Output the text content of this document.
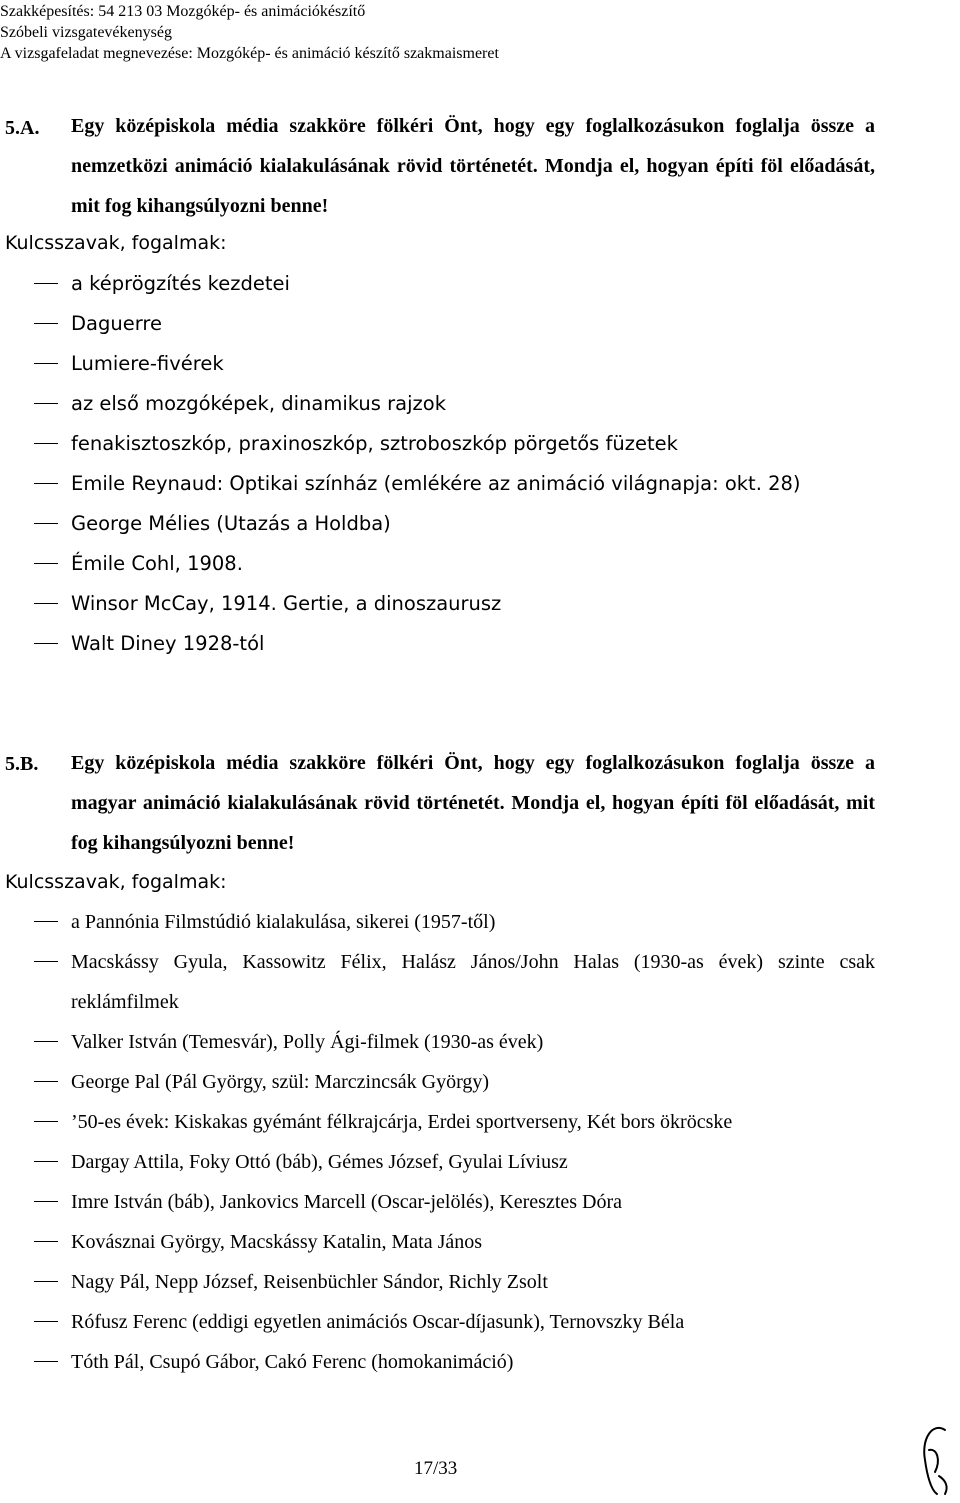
Szakképesítés: 54 213 03 Mozgókép- és animációkészítő
Szóbeli vizsgatevékenység
A vizsgafeladat megnevezése: Mozgókép- és animáció készítő szakmaismeret
5.A. Egy középiskola média szakköre fölkéri Önt, hogy egy foglalkozásukon foglalja össze a nemzetközi animáció kialakulásának rövid történetét. Mondja el, hogyan építi föl előadását, mit fog kihangsúlyozni benne!
Kulcsszavak, fogalmak:
a képrögzítés kezdetei
Daguerre
Lumiere-fivérek
az első mozgóképek, dinamikus rajzok
fenakisztoszkóp, praxinoszkóp, sztroboszkóp pörgetős füzetek
Emile Reynaud: Optikai színház (emlékére az animáció világnapja: okt. 28)
George Mélies (Utazás a Holdba)
Émile Cohl, 1908.
Winsor McCay, 1914. Gertie, a dinoszaurusz
Walt Diney 1928-tól
5.B. Egy középiskola média szakköre fölkéri Önt, hogy egy foglalkozásukon foglalja össze a magyar animáció kialakulásának rövid történetét. Mondja el, hogyan építi föl előadását, mit fog kihangsúlyozni benne!
Kulcsszavak, fogalmak:
a Pannónia Filmstúdió kialakulása, sikerei (1957-től)
Macskássy Gyula, Kassowitz Félix, Halász János/John Halas (1930-as évek) szinte csak reklámfilmek
Valker István (Temesvár), Polly Ági-filmek (1930-as évek)
George Pal (Pál György, szül: Marczincsák György)
’50-es évek: Kiskakas gyémánt félkrajcárja, Erdei sportverseny, Két bors ökröcske
Dargay Attila, Foky Ottó (báb), Gémes József, Gyulai Líviusz
Imre István (báb), Jankovics Marcell (Oscar-jelölés), Keresztes Dóra
Kovásznai György, Macskássy Katalin, Mata János
Nagy Pál, Nepp József, Reisenbüchler Sándor, Richly Zsolt
Rófusz Ferenc (eddigi egyetlen animációs Oscar-díjasunk), Ternovszky Béla
Tóth Pál, Csupó Gábor, Cakó Ferenc (homokanimáció)
17/33
